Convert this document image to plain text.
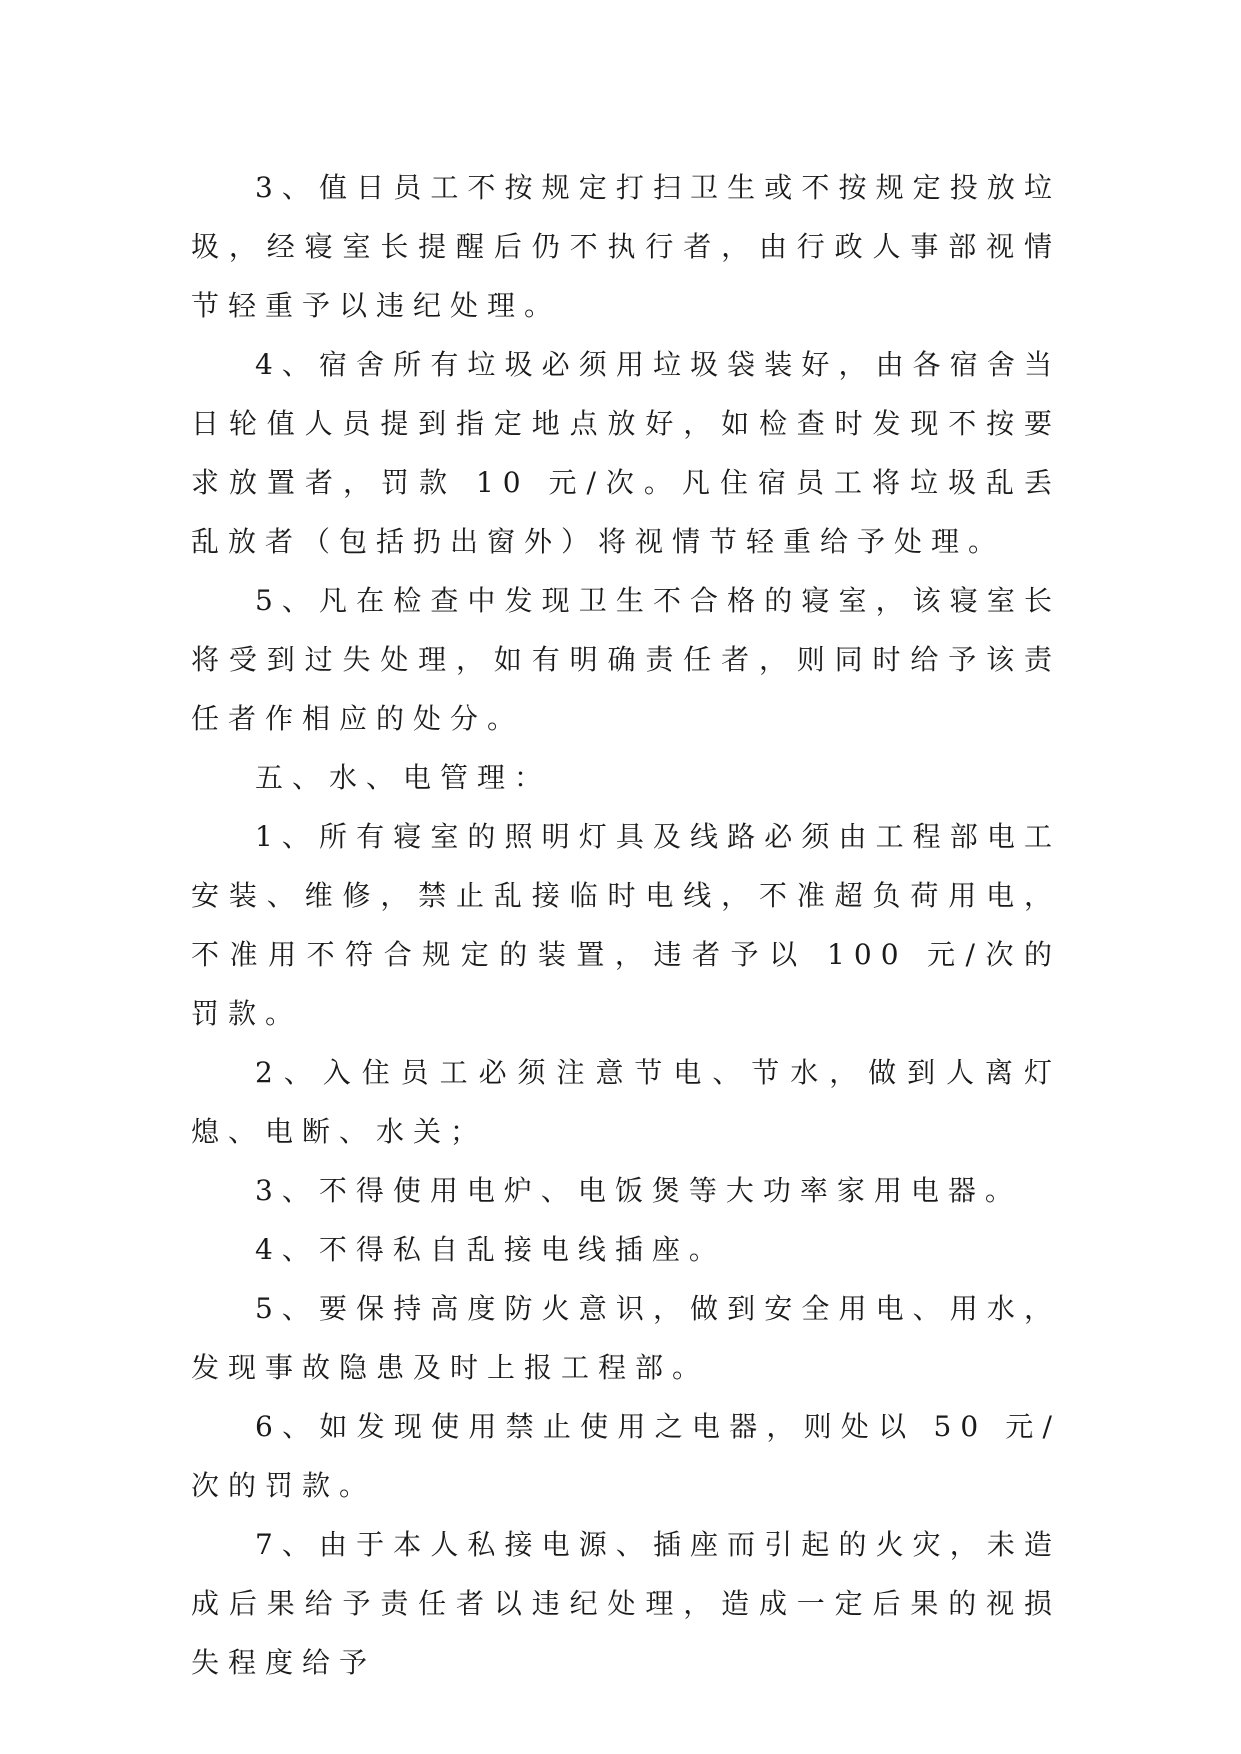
3、值日员工不按规定打扫卫生或不按规定投放垃圾，经寝室长提醒后仍不执行者，由行政人事部视情节轻重予以违纪处理。

4、宿舍所有垃圾必须用垃圾袋装好，由各宿舍当日轮值人员提到指定地点放好，如检查时发现不按要求放置者，罚款 10 元/次。凡住宿员工将垃圾乱丢乱放者（包括扔出窗外）将视情节轻重给予处理。

5、凡在检查中发现卫生不合格的寝室，该寝室长将受到过失处理，如有明确责任者，则同时给予该责任者作相应的处分。

五、水、电管理：

1、所有寝室的照明灯具及线路必须由工程部电工安装、维修，禁止乱接临时电线，不准超负荷用电，不准用不符合规定的装置，违者予以 100 元/次的罚款。

2、入住员工必须注意节电、节水，做到人离灯熄、电断、水关；

3、不得使用电炉、电饭煲等大功率家用电器。

4、不得私自乱接电线插座。

5、要保持高度防火意识，做到安全用电、用水，发现事故隐患及时上报工程部。

6、如发现使用禁止使用之电器，则处以 50 元/次的罚款。

7、由于本人私接电源、插座而引起的火灾，未造成后果给予责任者以违纪处理，造成一定后果的视损失程度给予
